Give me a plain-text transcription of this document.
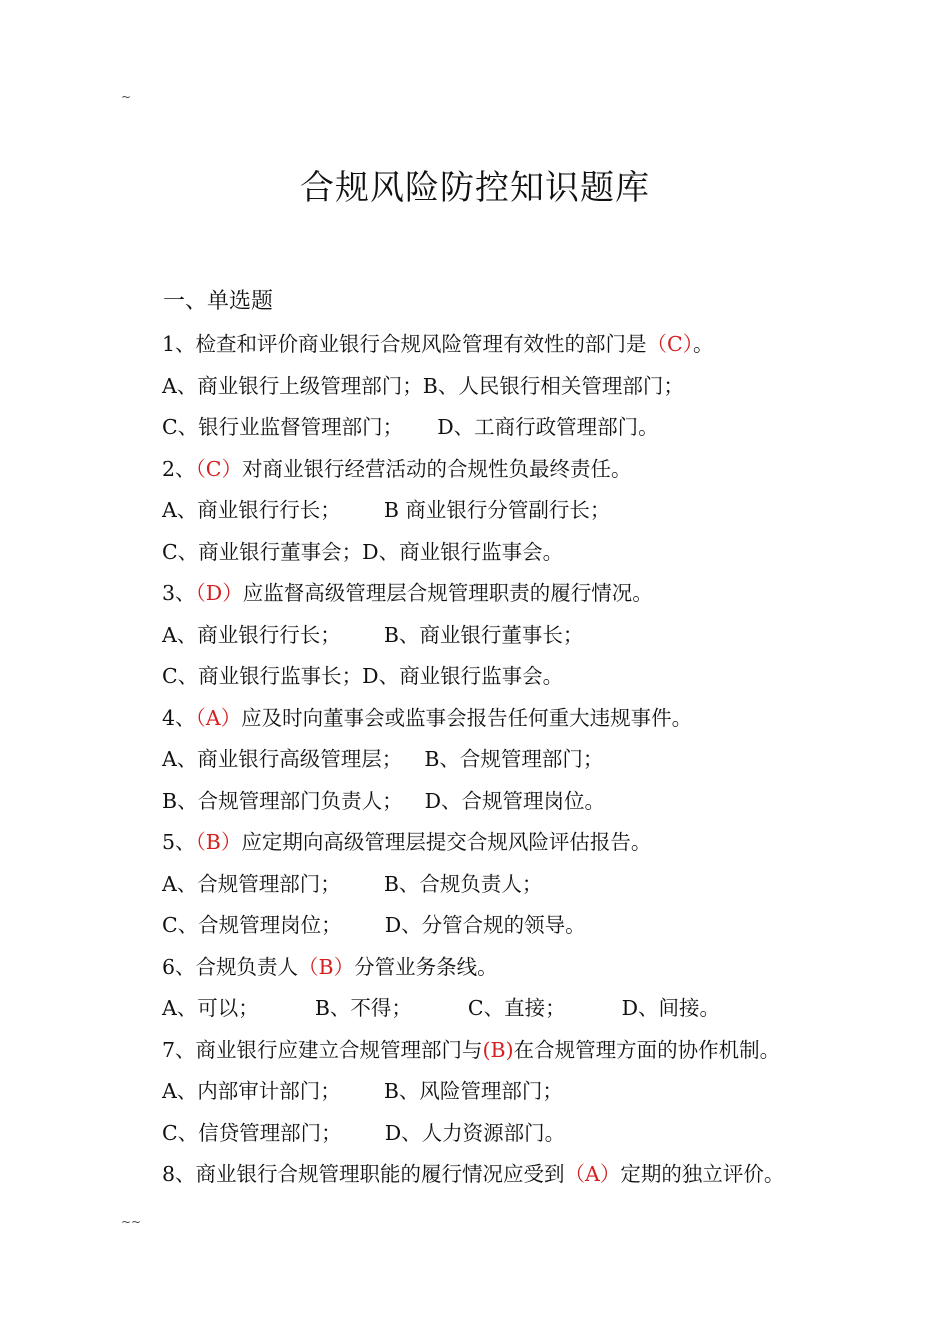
~
合规风险防控知识题库
一、单选题
1、检查和评价商业银行合规风险管理有效性的部门是（C）。
A、商业银行上级管理部门；B、人民银行相关管理部门；
C、银行业监督管理部门； D、工商行政管理部门。
2、（C）对商业银行经营活动的合规性负最终责任。
A、商业银行行长； B 商业银行分管副行长；
C、商业银行董事会；D、商业银行监事会。
3、（D）应监督高级管理层合规管理职责的履行情况。
A、商业银行行长； B、商业银行董事长；
C、商业银行监事长；D、商业银行监事会。
4、（A）应及时向董事会或监事会报告任何重大违规事件。
A、商业银行高级管理层； B、合规管理部门；
B、合规管理部门负责人； D、合规管理岗位。
5、（B）应定期向高级管理层提交合规风险评估报告。
A、合规管理部门； B、合规负责人；
C、合规管理岗位； D、分管合规的领导。
6、合规负责人（B）分管业务条线。
A、可以；	B、不得；	C、直接；	D、间接。
7、商业银行应建立合规管理部门与(B)在合规管理方面的协作机制。
A、内部审计部门； B、风险管理部门；
C、信贷管理部门； D、人力资源部门。
8、商业银行合规管理职能的履行情况应受到（A）定期的独立评价。
~~
